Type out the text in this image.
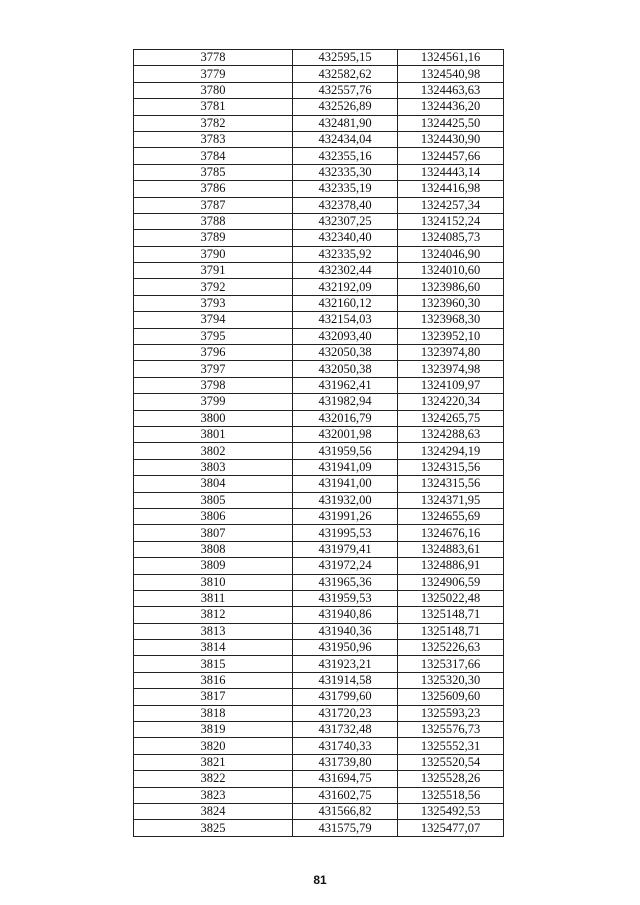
3778	432595,15	1324561,16
3779	432582,62	1324540,98
3780	432557,76	1324463,63
3781	432526,89	1324436,20
3782	432481,90	1324425,50
3783	432434,04	1324430,90
3784	432355,16	1324457,66
3785	432335,30	1324443,14
3786	432335,19	1324416,98
3787	432378,40	1324257,34
3788	432307,25	1324152,24
3789	432340,40	1324085,73
3790	432335,92	1324046,90
3791	432302,44	1324010,60
3792	432192,09	1323986,60
3793	432160,12	1323960,30
3794	432154,03	1323968,30
3795	432093,40	1323952,10
3796	432050,38	1323974,80
3797	432050,38	1323974,98
3798	431962,41	1324109,97
3799	431982,94	1324220,34
3800	432016,79	1324265,75
3801	432001,98	1324288,63
3802	431959,56	1324294,19
3803	431941,09	1324315,56
3804	431941,00	1324315,56
3805	431932,00	1324371,95
3806	431991,26	1324655,69
3807	431995,53	1324676,16
3808	431979,41	1324883,61
3809	431972,24	1324886,91
3810	431965,36	1324906,59
3811	431959,53	1325022,48
3812	431940,86	1325148,71
3813	431940,36	1325148,71
3814	431950,96	1325226,63
3815	431923,21	1325317,66
3816	431914,58	1325320,30
3817	431799,60	1325609,60
3818	431720,23	1325593,23
3819	431732,48	1325576,73
3820	431740,33	1325552,31
3821	431739,80	1325520,54
3822	431694,75	1325528,26
3823	431602,75	1325518,56
3824	431566,82	1325492,53
3825	431575,79	1325477,07
81
